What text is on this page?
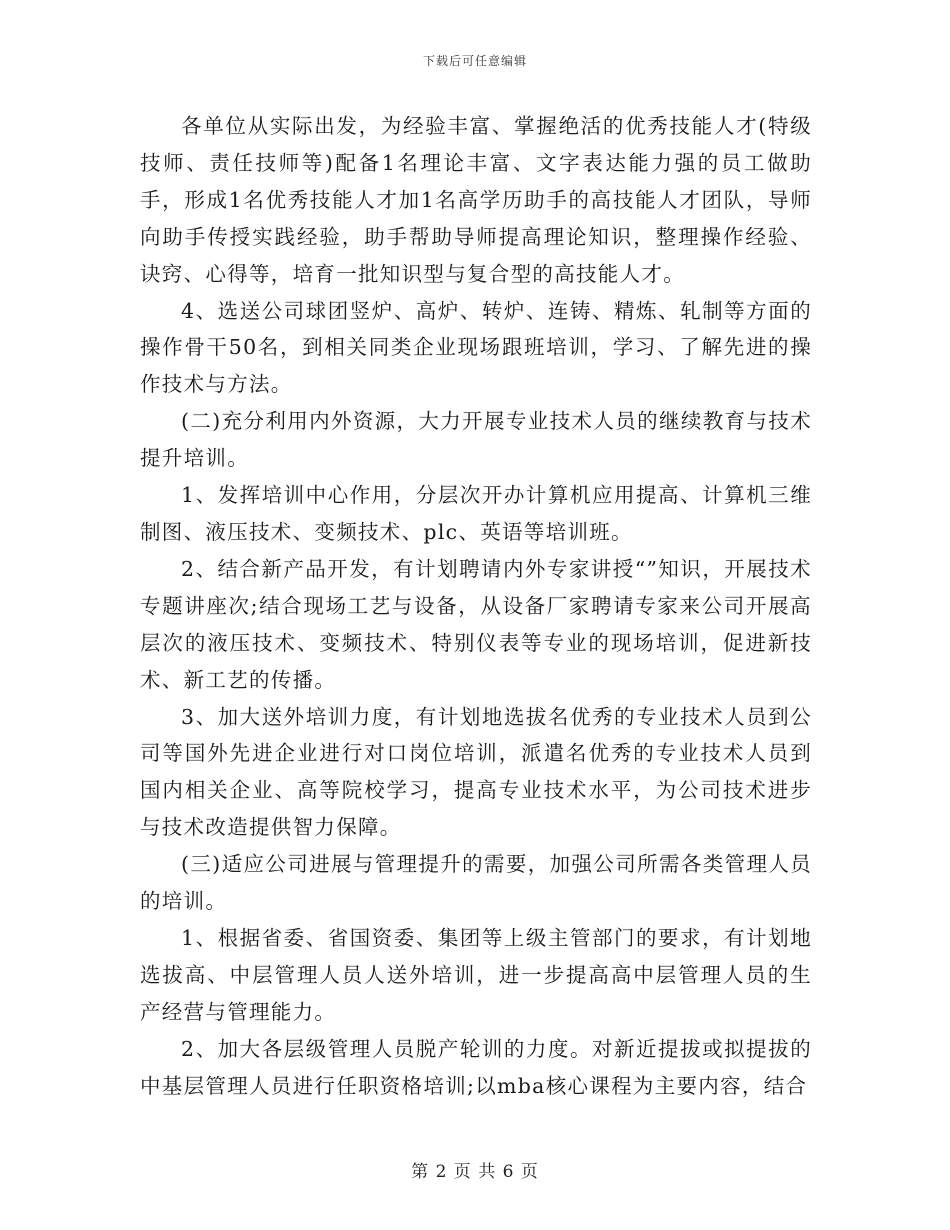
下载后可任意编辑

各单位从实际出发，为经验丰富、掌握绝活的优秀技能人才(特级技师、责任技师等)配备1名理论丰富、文字表达能力强的员工做助手，形成1名优秀技能人才加1名高学历助手的高技能人才团队，导师向助手传授实践经验，助手帮助导师提高理论知识，整理操作经验、诀窍、心得等，培育一批知识型与复合型的高技能人才。

4、选送公司球团竖炉、高炉、转炉、连铸、精炼、轧制等方面的操作骨干50名，到相关同类企业现场跟班培训，学习、了解先进的操作技术与方法。

(二)充分利用内外资源，大力开展专业技术人员的继续教育与技术提升培训。

1、发挥培训中心作用，分层次开办计算机应用提高、计算机三维制图、液压技术、变频技术、plc、英语等培训班。

2、结合新产品开发，有计划聘请内外专家讲授“”知识，开展技术专题讲座次;结合现场工艺与设备，从设备厂家聘请专家来公司开展高层次的液压技术、变频技术、特别仪表等专业的现场培训，促进新技术、新工艺的传播。

3、加大送外培训力度，有计划地选拔名优秀的专业技术人员到公司等国外先进企业进行对口岗位培训，派遣名优秀的专业技术人员到国内相关企业、高等院校学习，提高专业技术水平，为公司技术进步与技术改造提供智力保障。

(三)适应公司进展与管理提升的需要，加强公司所需各类管理人员的培训。

1、根据省委、省国资委、集团等上级主管部门的要求，有计划地选拔高、中层管理人员人送外培训，进一步提高高中层管理人员的生产经营与管理能力。

2、加大各层级管理人员脱产轮训的力度。对新近提拔或拟提拔的中基层管理人员进行任职资格培训;以mba核心课程为主要内容，结合

第 2 页 共 6 页
